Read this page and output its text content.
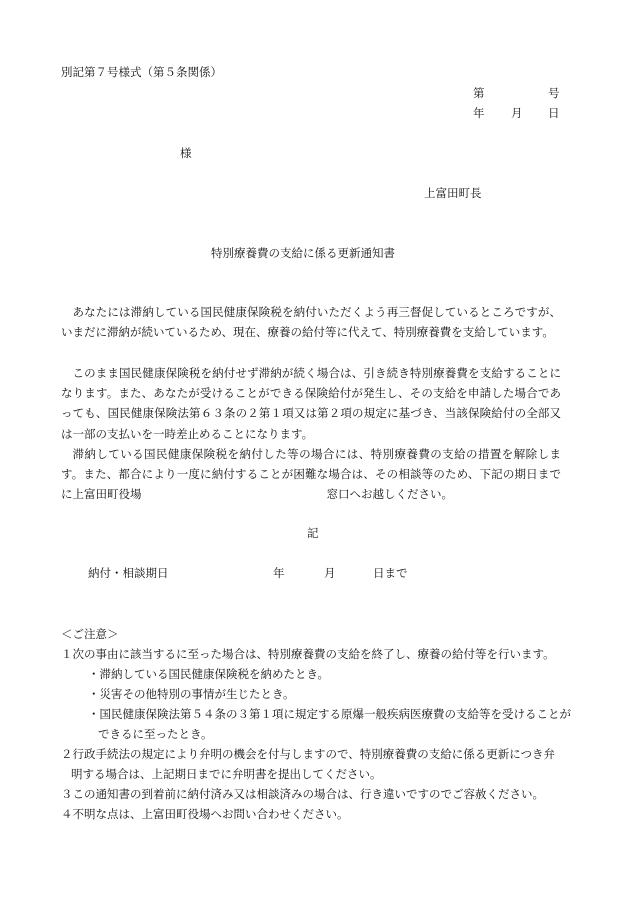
別記第７号様式（第５条関係）
第	号
年 月 日
様
上富田町長
特別療養費の支給に係る更新通知書
あなたには滞納している国民健康保険税を納付いただくよう再三督促しているところですが、いまだに滞納が続いているため、現在、療養の給付等に代えて、特別療養費を支給しています。
このまま国民健康保険税を納付せず滞納が続く場合は、引き続き特別療養費を支給することになります。また、あなたが受けることができる保険給付が発生し、その支給を申請した場合であっても、国民健康保険法第６３条の２第１項又は第２項の規定に基づき、当該保険給付の全部又は一部の支払いを一時差止めることになります。
滞納している国民健康保険税を納付した等の場合には、特別療養費の支給の措置を解除します。また、都合により一度に納付することが困難な場合は、その相談等のため、下記の期日までに上富田町役場	窓口へお越しください。
記
納付・相談期日	年	月	日まで
＜ご注意＞
１次の事由に該当するに至った場合は、特別療養費の支給を終了し、療養の給付等を行います。
・滞納している国民健康保険税を納めたとき。
・災害その他特別の事情が生じたとき。
・国民健康保険法第５４条の３第１項に規定する原爆一般疾病医療費の支給等を受けることができるに至ったとき。
２行政手続法の規定により弁明の機会を付与しますので、特別療養費の支給に係る更新につき弁明する場合は、上記期日までに弁明書を提出してください。
３この通知書の到着前に納付済み又は相談済みの場合は、行き違いですのでご容赦ください。
４不明な点は、上富田町役場へお問い合わせください。
